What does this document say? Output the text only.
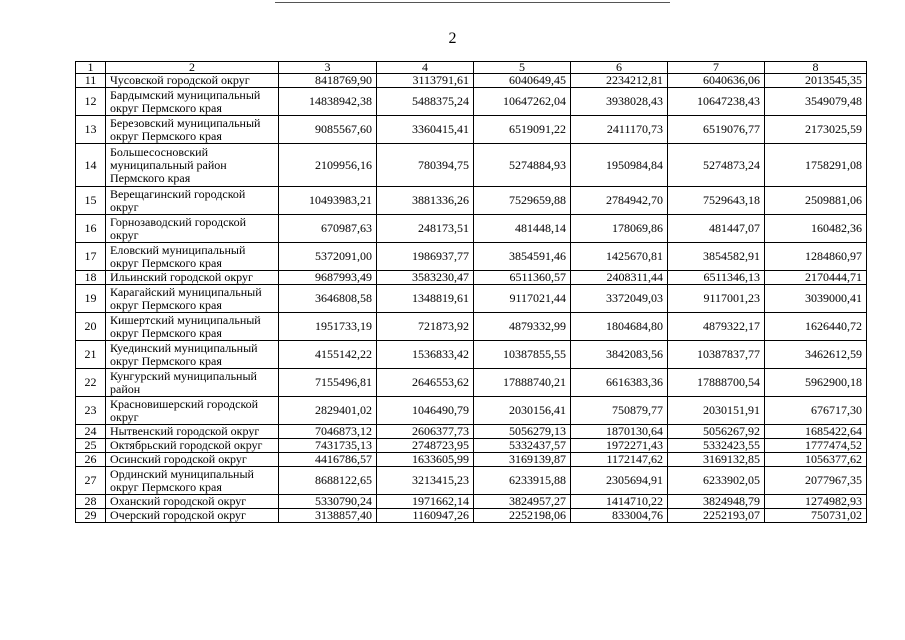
2
1	2	3	4	5	6	7	8
11	Чусовской городской округ	8418769,90	3113791,61	6040649,45	2234212,81	6040636,06	2013545,35
12	Бардымский муниципальный
округ Пермского края	14838942,38	5488375,24	10647262,04	3938028,43	10647238,43	3549079,48
13	Березовский муниципальный
округ Пермского края	9085567,60	3360415,41	6519091,22	2411170,73	6519076,77	2173025,59
14	Большесосновский
муниципальный район
Пермского края	2109956,16	780394,75	5274884,93	1950984,84	5274873,24	1758291,08
15	Верещагинский городской
округ	10493983,21	3881336,26	7529659,88	2784942,70	7529643,18	2509881,06
16	Горнозаводский городской
округ	670987,63	248173,51	481448,14	178069,86	481447,07	160482,36
17	Еловский муниципальный
округ Пермского края	5372091,00	1986937,77	3854591,46	1425670,81	3854582,91	1284860,97
18	Ильинский городской округ	9687993,49	3583230,47	6511360,57	2408311,44	6511346,13	2170444,71
19	Карагайский муниципальный
округ Пермского края	3646808,58	1348819,61	9117021,44	3372049,03	9117001,23	3039000,41
20	Кишертский муниципальный
округ Пермского края	1951733,19	721873,92	4879332,99	1804684,80	4879322,17	1626440,72
21	Куединский муниципальный
округ Пермского края	4155142,22	1536833,42	10387855,55	3842083,56	10387837,77	3462612,59
22	Кунгурский муниципальный
район	7155496,81	2646553,62	17888740,21	6616383,36	17888700,54	5962900,18
23	Красновишерский городской
округ	2829401,02	1046490,79	2030156,41	750879,77	2030151,91	676717,30
24	Нытвенский городской округ	7046873,12	2606377,73	5056279,13	1870130,64	5056267,92	1685422,64
25	Октябрьский городской округ	7431735,13	2748723,95	5332437,57	1972271,43	5332423,55	1777474,52
26	Осинский городской округ	4416786,57	1633605,99	3169139,87	1172147,62	3169132,85	1056377,62
27	Ординский муниципальный
округ Пермского края	8688122,65	3213415,23	6233915,88	2305694,91	6233902,05	2077967,35
28	Оханский городской округ	5330790,24	1971662,14	3824957,27	1414710,22	3824948,79	1274982,93
29	Очерский городской округ	3138857,40	1160947,26	2252198,06	833004,76	2252193,07	750731,02
